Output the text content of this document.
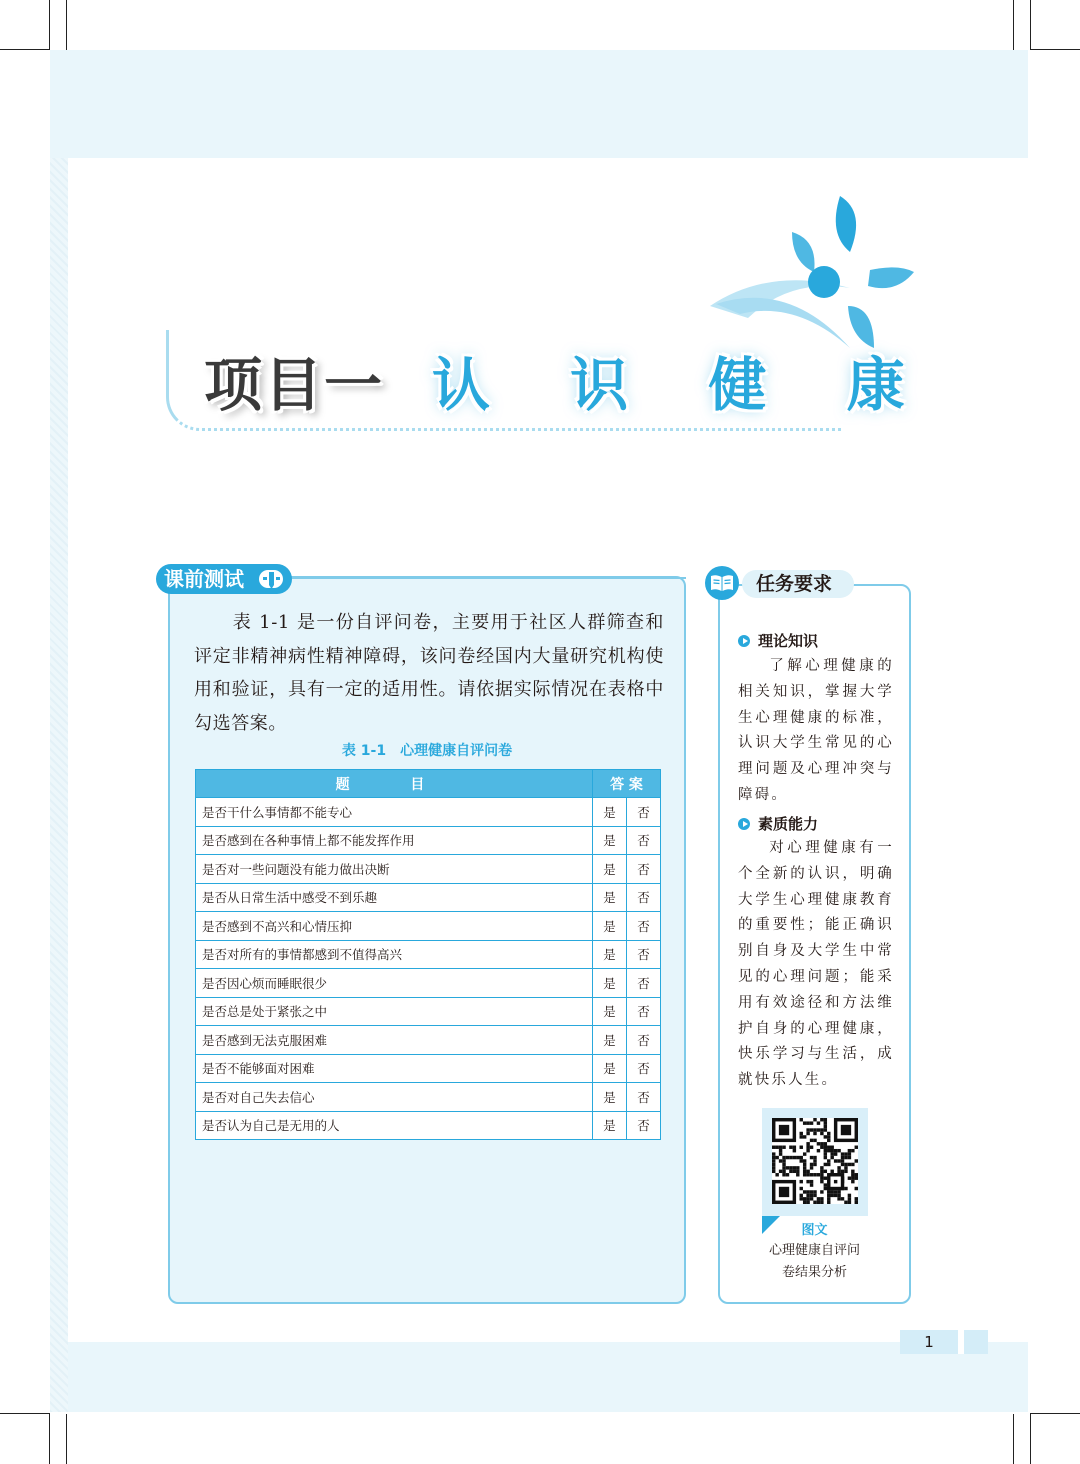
项目一 认 识 健 康
课前测试
表 1-1 是一份自评问卷，主要用于社区人群筛查和评定非精神病性精神障碍，该问卷经国内大量研究机构使用和验证，具有一定的适用性。请依据实际情况在表格中勾选答案。
表 1-1　心理健康自评问卷
题 目	答 案	
是否干什么事情都不能专心	是	否
是否感到在各种事情上都不能发挥作用	是	否
是否对一些问题没有能力做出决断	是	否
是否从日常生活中感受不到乐趣	是	否
是否感到不高兴和心情压抑	是	否
是否对所有的事情都感到不值得高兴	是	否
是否因心烦而睡眠很少	是	否
是否总是处于紧张之中	是	否
是否感到无法克服困难	是	否
是否不能够面对困难	是	否
是否对自己失去信心	是	否
是否认为自己是无用的人	是	否
任务要求
理论知识
了解心理健康的相关知识，掌握大学生心理健康的标准，认识大学生常见的心理问题及心理冲突与障碍。
素质能力
对心理健康有一个全新的认识，明确大学生心理健康教育的重要性；能正确识别自身及大学生中常见的心理问题；能采用有效途径和方法维护自身的心理健康，快乐学习与生活，成就快乐人生。
图文
心理健康自评问
卷结果分析
1
